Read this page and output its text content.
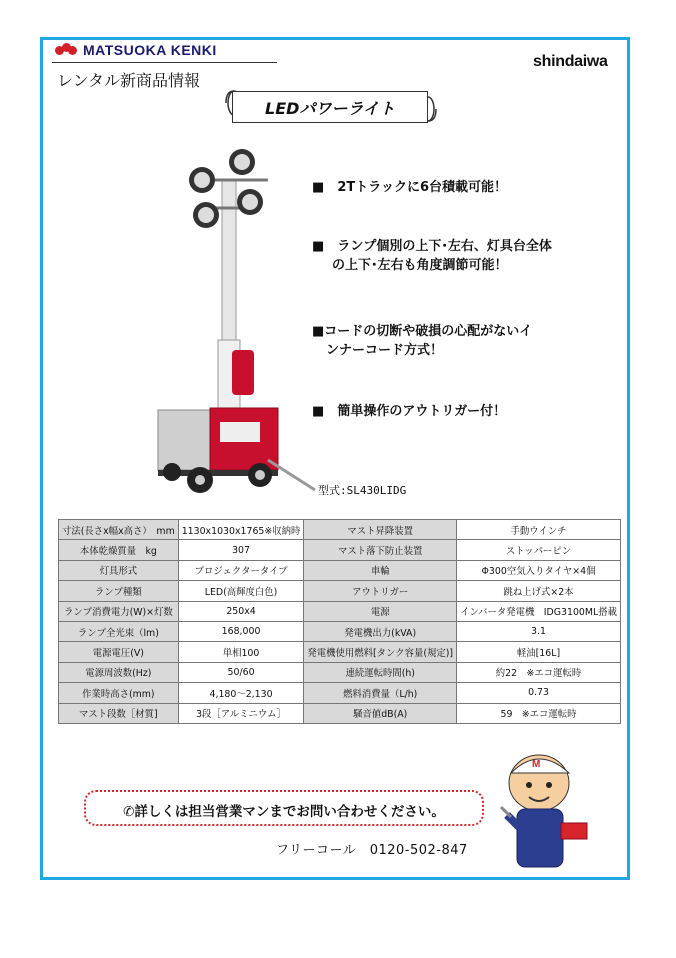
MATSUOKA KENKI
レンタル新商品情報
shindaiwa
LEDパワーライト
■　 2Tトラックに6台積載可能！
■　 ランプ個別の上下･左右、灯具台全体
の上下･左右も角度調節可能！
■コードの切断や破損の心配がないイ
ンナーコード方式！
■　 簡単操作のアウトリガー付！
型式:SL430LIDG
寸法(長さx幅x高さ）　mm	1130x1030x1765※収納時	マスト昇降装置	手動ウインチ
本体乾燥質量　kg	307	マスト落下防止装置	ストッパーピン
灯具形式	プロジェクタータイプ	車輪	Φ300空気入りタイヤ×4個
ランプ種類	LED(高輝度白色)	アウトリガー	跳ね上げ式×2本
ランプ消費電力(W)×灯数	250x4	電源	インバータ発電機　IDG3100ML搭載
ランプ全光束（lm)	168,000	発電機出力(kVA)	3.1
電源電圧(V)	単相100	発電機使用燃料[タンク容量(規定)]	軽油[16L]
電源周波数(Hz)	50/60	連続運転時間(h)	約22　※エコ運転時
作業時高さ(mm)	4,180～2,130	燃料消費量（L/h)	0.73
マスト段数［材質]	3段［アルミニウム］	騒音値dB(A)	59　※エコ運転時
✆詳しくは担当営業マンまでお問い合わせください。
フリーコール　0120-502-847
M
